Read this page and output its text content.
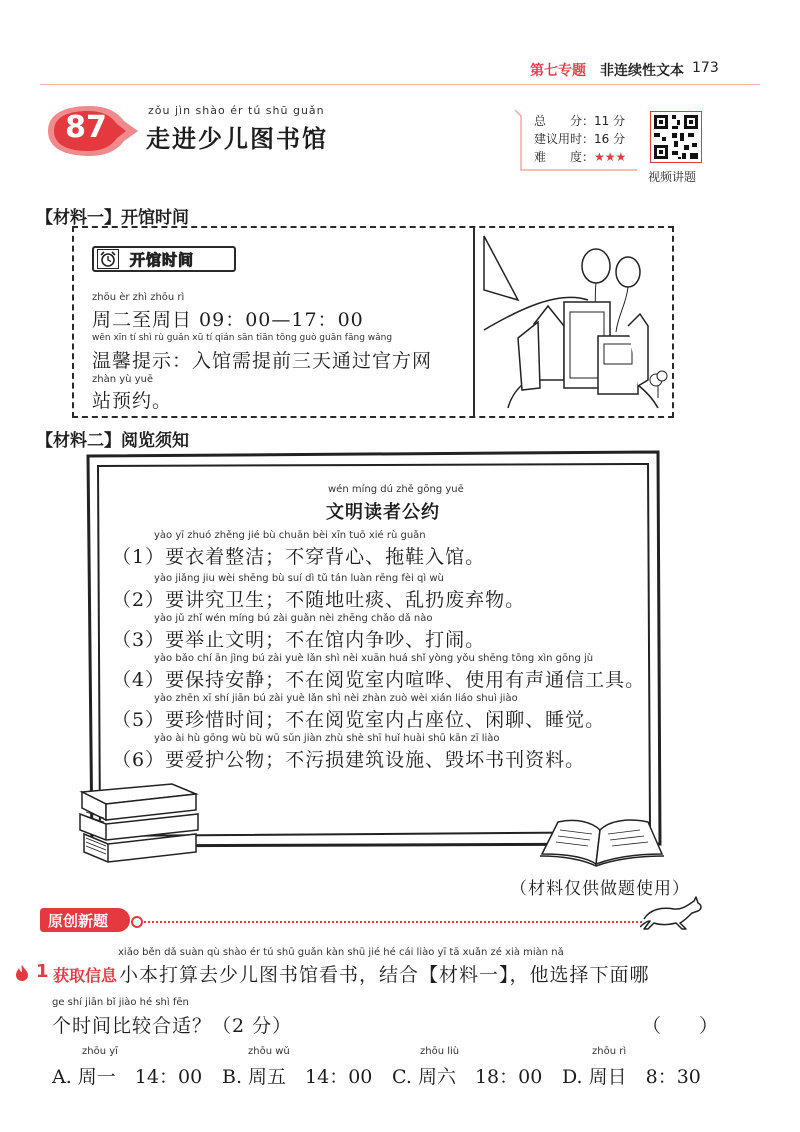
第七专题 非连续性文本 173
87	zǒu jìn shào ér tú shū guǎn
走进少儿图书馆
总　　分：11 分
建议用时：16 分
难　　度：★★★
视频讲题
【材料一】开馆时间
开馆时间
zhōu èr zhì zhōu rì
周二至周日 09：00—17：00
wēn xīn tí shì rù guǎn xū tí qián sān tiān tōng guò guān fāng wǎng
温馨提示：入馆需提前三天通过官方网
zhàn yù yuē
站预约。
【材料二】阅览须知
wén míng dú zhě gōng yuē
文明读者公约
yào yī zhuó zhěng jié bù chuān bèi xīn tuō xié rù guǎn
（1）要衣着整洁；不穿背心、拖鞋入馆。
yào jiǎng jiu wèi shēng bù suí dì tǔ tán luàn rēng fèi qì wù
（2）要讲究卫生；不随地吐痰、乱扔废弃物。
yào jǔ zhǐ wén míng bú zài guǎn nèi zhēng chǎo dǎ nào
（3）要举止文明；不在馆内争吵、打闹。
yào bǎo chí ān jìng bú zài yuè lǎn shì nèi xuān huá shǐ yòng yǒu shēng tōng xìn gōng jù
（4）要保持安静；不在阅览室内喧哗、使用有声通信工具。
yào zhēn xī shí jiān bú zài yuè lǎn shì nèi zhàn zuò wèi xián liáo shuì jiào
（5）要珍惜时间；不在阅览室内占座位、闲聊、睡觉。
yào ài hù gōng wù bù wū sǔn jiàn zhù shè shī huǐ huài shū kān zī liào
（6）要爱护公物；不污损建筑设施、毁坏书刊资料。
（材料仅供做题使用）
原创新题
xiǎo běn dǎ suàn qù shào ér tú shū guǎn kàn shū jié hé cái liào yī tā xuǎn zé xià miàn nǎ
1 获取信息 小本打算去少儿图书馆看书，结合【材料一】，他选择下面哪
ge shí jiān bǐ jiào hé shì fēn
个时间比较合适？（2 分）	（　　）
zhōu yī
A. 周一　14：00
zhōu wǔ
B. 周五　14：00
zhōu liù
C. 周六　18：00
zhōu rì
D. 周日　8：30
